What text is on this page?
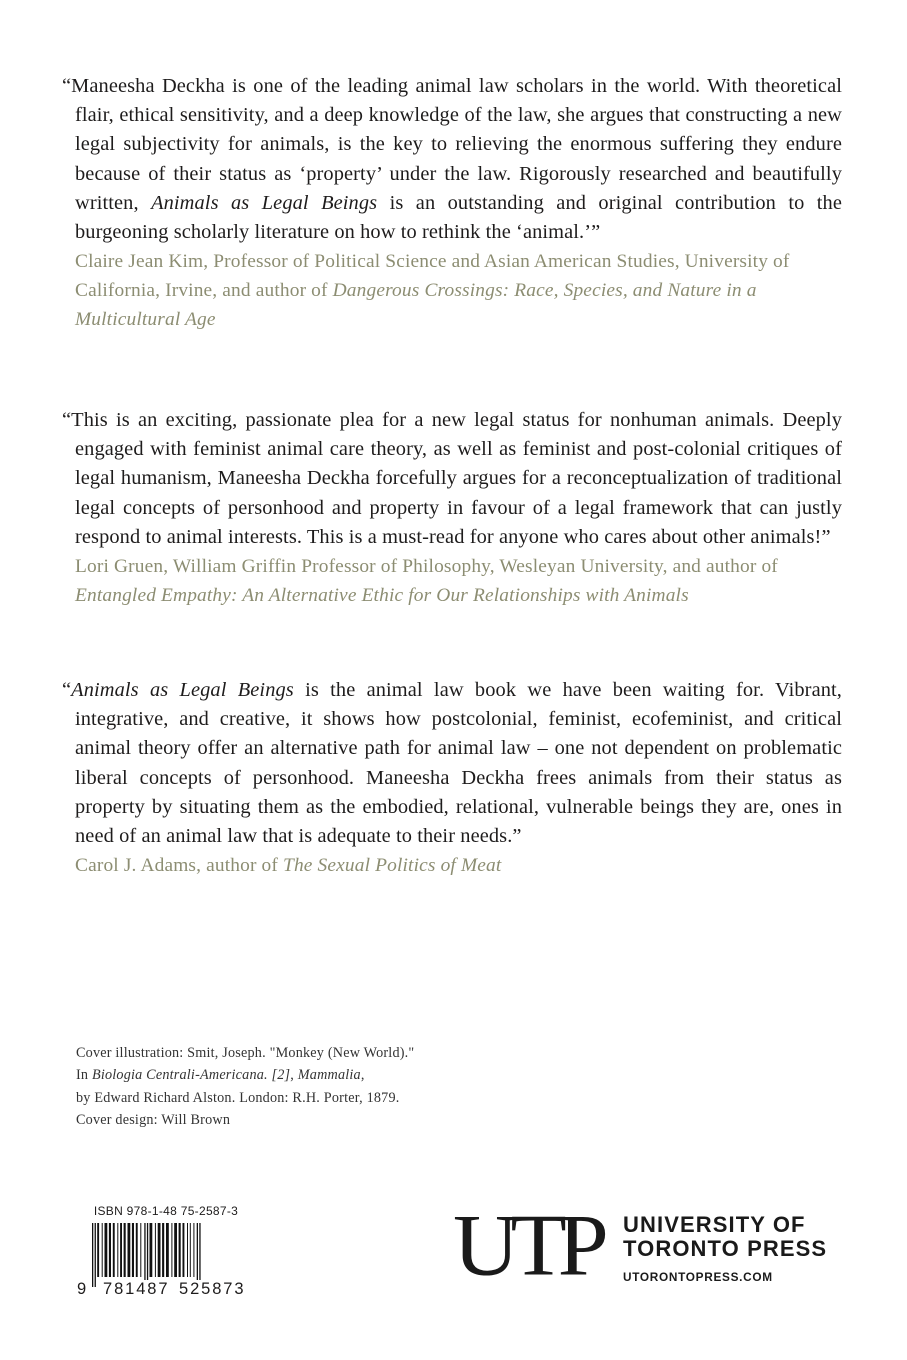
“Maneesha Deckha is one of the leading animal law scholars in the world. With theoretical flair, ethical sensitivity, and a deep knowledge of the law, she argues that constructing a new legal subjectivity for animals, is the key to relieving the enormous suffering they endure because of their status as ‘property’ under the law. Rigorously researched and beautifully written, Animals as Legal Beings is an outstanding and original contribution to the burgeoning scholarly literature on how to rethink the ‘animal.’”

Claire Jean Kim, Professor of Political Science and Asian American Studies, University of California, Irvine, and author of Dangerous Crossings: Race, Species, and Nature in a Multicultural Age

“This is an exciting, passionate plea for a new legal status for nonhuman animals. Deeply engaged with feminist animal care theory, as well as feminist and post-colonial critiques of legal humanism, Maneesha Deckha forcefully argues for a reconceptualization of traditional legal concepts of personhood and property in favour of a legal framework that can justly respond to animal interests. This is a must-read for anyone who cares about other animals!”

Lori Gruen, William Griffin Professor of Philosophy, Wesleyan University, and author of Entangled Empathy: An Alternative Ethic for Our Relationships with Animals

“Animals as Legal Beings is the animal law book we have been waiting for. Vibrant, integrative, and creative, it shows how postcolonial, feminist, ecofeminist, and critical animal theory offer an alternative path for animal law – one not dependent on problematic liberal concepts of personhood. Maneesha Deckha frees animals from their status as property by situating them as the embodied, relational, vulnerable beings they are, ones in need of an animal law that is adequate to their needs.”

Carol J. Adams, author of The Sexual Politics of Meat

Cover illustration: Smit, Joseph. "Monkey (New World)."
In Biologia Centrali-Americana. [2], Mammalia,
by Edward Richard Alston. London: R.H. Porter, 1879.
Cover design: Will Brown
ISBN 978-1-48 75-2587-3
9 781487 525873 UTP UNIVERSITY OF
TORONTO PRESS
UTORONTOPRESS.COM
